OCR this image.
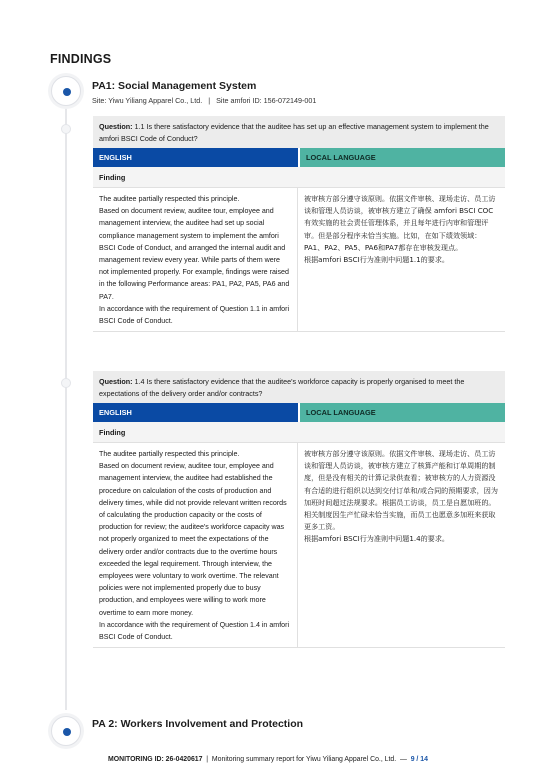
FINDINGS
PA1: Social Management System
Site: Yiwu Yiliang Apparel Co., Ltd.   |   Site amfori ID: 156-072149-001
Question: 1.1 Is there satisfactory evidence that the auditee has set up an effective management system to implement the amfori BSCI Code of Conduct?
ENGLISH	LOCAL LANGUAGE
Finding

The auditee partially respected this principle.

Based on document review, auditee tour, employee and management interview, the auditee had set up social compliance management system to implement the amfori BSCI Code of Conduct, and arranged the internal audit and management review every year. While parts of them were not implemented properly. For example, findings were raised in the following Performance areas: PA1, PA2, PA5, PA6 and PA7.

In accordance with the requirement of Question 1.1 in amfori BSCI Code of Conduct.

被审核方部分遵守该原则。依据文件审核、现场走访、员工访谈和管理人员访谈，被审核方建立了确保 amfori BSCI COC有效实施的社会责任管理体系，并且每年进行内审和管理评审。但是部分程序未恰当实施。比如，在如下绩效领域：PA1、PA2、PA5、PA6和PA7都存在审核发现点。

根据amfori BSCI行为准则中问题1.1的要求。

Question: 1.4 Is there satisfactory evidence that the auditee's workforce capacity is properly organised to meet the expectations of the delivery order and/or contracts?
ENGLISH	LOCAL LANGUAGE
Finding

The auditee partially respected this principle.

Based on document review, auditee tour, employee and management interview, the auditee had established the procedure on calculation of the costs of production and delivery times, while did not provide relevant written records of calculating the production capacity or the costs of production for review; the auditee's workforce capacity was not properly organized to meet the expectations of the delivery order and/or contracts due to the overtime hours exceeded the legal requirement. Through interview, the employees were voluntary to work overtime. The relevant policies were not implemented properly due to busy production, and employees were willing to work more overtime to earn more money.

In accordance with the requirement of Question 1.4 in amfori BSCI Code of Conduct.

被审核方部分遵守该原则。依据文件审核、现场走访、员工访谈和管理人员访谈，被审核方建立了核算产能和订单周期的制度，但是没有相关的计算记录供查看；被审核方的人力资源没有合适的进行组织以达到交付订单和/或合同的预期要求，因为加班时间超过法规要求。根据员工访谈，员工是自愿加班的。相关制度因生产忙碌未恰当实施，而员工也愿意多加班来获取更多工资。

根据amfori BSCI行为准则中问题1.4的要求。

PA 2: Workers Involvement and Protection
MONITORING ID: 26-0420617  |  Monitoring summary report for Yiwu Yiliang Apparel Co., Ltd.  —  9 / 14
